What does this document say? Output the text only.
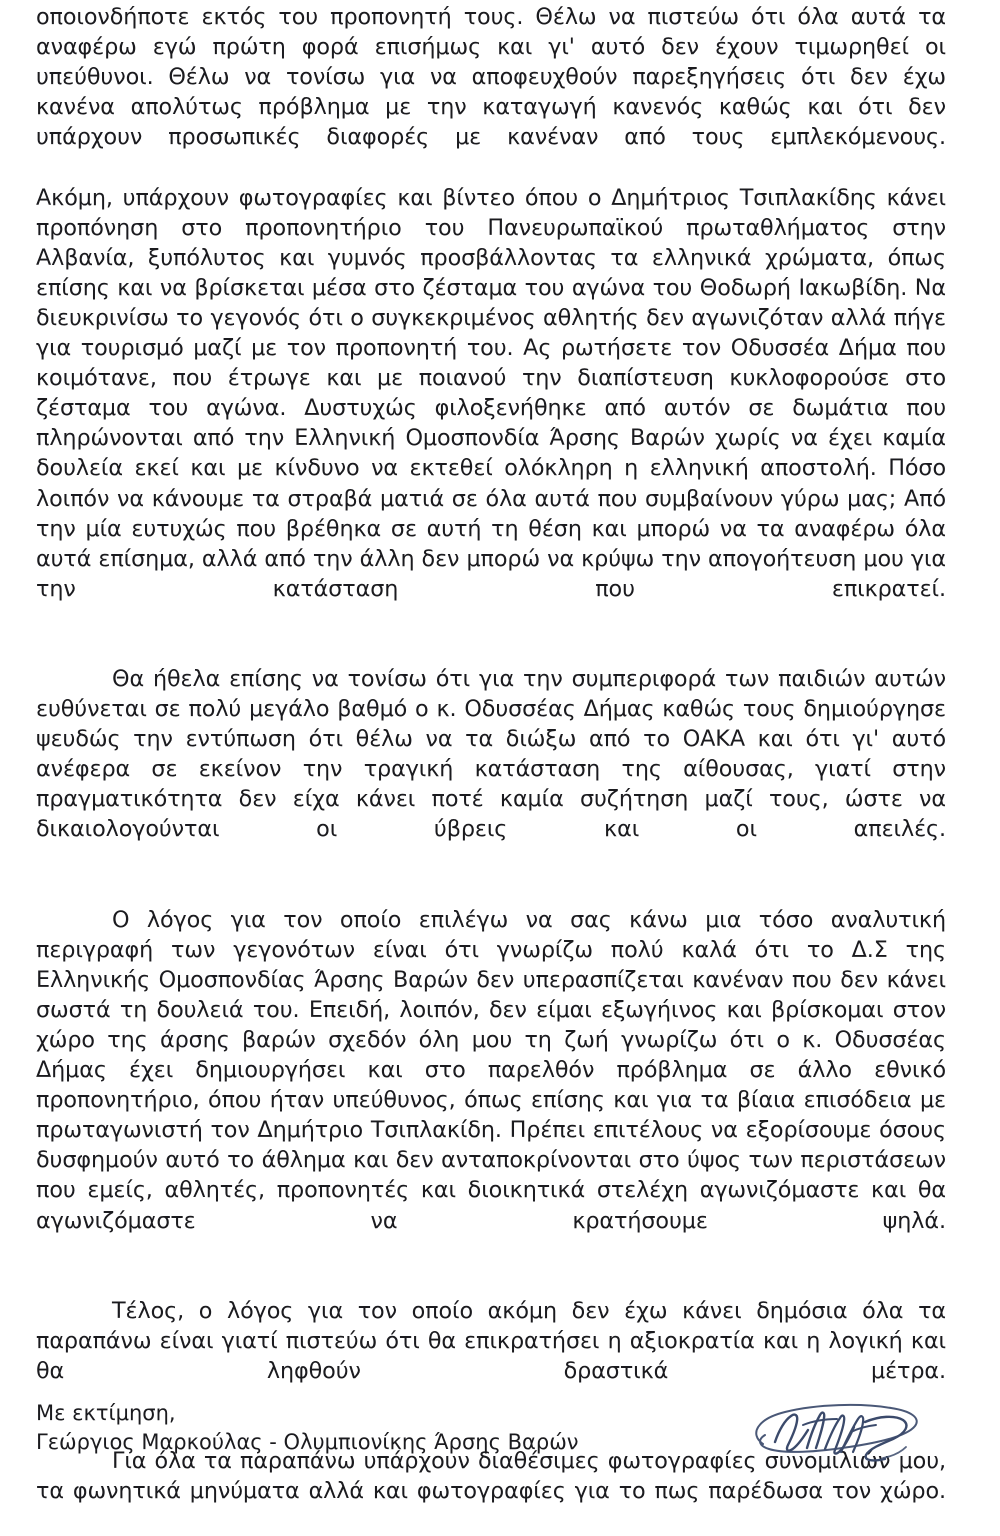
οποιονδήποτε εκτός του προπονητή τους. Θέλω να πιστεύω ότι όλα αυτά τα αναφέρω εγώ πρώτη φορά επισήμως και γι' αυτό δεν έχουν τιμωρηθεί οι υπεύθυνοι. Θέλω να τονίσω για να αποφευχθούν παρεξηγήσεις ότι δεν έχω κανένα απολύτως πρόβλημα με την καταγωγή κανενός καθώς και ότι δεν υπάρχουν προσωπικές διαφορές με κανέναν από τους εμπλεκόμενους.

Ακόμη, υπάρχουν φωτογραφίες και βίντεο όπου ο Δημήτριος Τσιπλακίδης κάνει προπόνηση στο προπονητήριο του Πανευρωπαϊκού πρωταθλήματος στην Αλβανία, ξυπόλυτος και γυμνός προσβάλλοντας τα ελληνικά χρώματα, όπως επίσης και να βρίσκεται μέσα στο ζέσταμα του αγώνα του Θοδωρή Ιακωβίδη. Να διευκρινίσω το γεγονός ότι ο συγκεκριμένος αθλητής δεν αγωνιζόταν αλλά πήγε για τουρισμό μαζί με τον προπονητή του. Ας ρωτήσετε τον Οδυσσέα Δήμα που κοιμότανε, που έτρωγε και με ποιανού την διαπίστευση κυκλοφορούσε στο ζέσταμα του αγώνα. Δυστυχώς φιλοξενήθηκε από αυτόν σε δωμάτια που πληρώνονται από την Ελληνική Ομοσπονδία Άρσης Βαρών χωρίς να έχει καμία δουλεία εκεί και με κίνδυνο να εκτεθεί ολόκληρη η ελληνική αποστολή. Πόσο λοιπόν να κάνουμε τα στραβά ματιά σε όλα αυτά που συμβαίνουν γύρω μας; Από την μία ευτυχώς που βρέθηκα σε αυτή τη θέση και μπορώ να τα αναφέρω όλα αυτά επίσημα, αλλά από την άλλη δεν μπορώ να κρύψω την απογοήτευση μου για την κατάσταση που επικρατεί.

Θα ήθελα επίσης να τονίσω ότι για την συμπεριφορά των παιδιών αυτών ευθύνεται σε πολύ μεγάλο βαθμό ο κ. Οδυσσέας Δήμας καθώς τους δημιούργησε ψευδώς την εντύπωση ότι θέλω να τα διώξω από το ΟΑΚΑ και ότι γι' αυτό ανέφερα σε εκείνον την τραγική κατάσταση της αίθουσας, γιατί στην πραγματικότητα δεν είχα κάνει ποτέ καμία συζήτηση μαζί τους, ώστε να δικαιολογούνται οι ύβρεις και οι απειλές.

Ο λόγος για τον οποίο επιλέγω να σας κάνω μια τόσο αναλυτική περιγραφή των γεγονότων είναι ότι γνωρίζω πολύ καλά ότι το Δ.Σ της Ελληνικής Ομοσπονδίας Άρσης Βαρών δεν υπερασπίζεται κανέναν που δεν κάνει σωστά τη δουλειά του. Επειδή, λοιπόν, δεν είμαι εξωγήινος και βρίσκομαι στον χώρο της άρσης βαρών σχεδόν όλη μου τη ζωή γνωρίζω ότι ο κ. Οδυσσέας Δήμας έχει δημιουργήσει και στο παρελθόν πρόβλημα σε άλλο εθνικό προπονητήριο, όπου ήταν υπεύθυνος, όπως επίσης και για τα βίαια επισόδεια με πρωταγωνιστή τον Δημήτριο Τσιπλακίδη. Πρέπει επιτέλους να εξορίσουμε όσους δυσφημούν αυτό το άθλημα και δεν ανταποκρίνονται στο ύψος των περιστάσεων που εμείς, αθλητές, προπονητές και διοικητικά στελέχη αγωνιζόμαστε και θα αγωνιζόμαστε να κρατήσουμε ψηλά.

Τέλος, ο λόγος για τον οποίο ακόμη δεν έχω κάνει δημόσια όλα τα παραπάνω είναι γιατί πιστεύω ότι θα επικρατήσει η αξιοκρατία και η λογική και θα ληφθούν δραστικά μέτρα.

Για όλα τα παραπάνω υπάρχουν διαθέσιμες φωτογραφίες συνομιλιών μου, τα φωνητικά μηνύματα αλλά και φωτογραφίες για το πως παρέδωσα τον χώρο.

Με εκτίμηση,

Γεώργιος Μαρκούλας - Ολυμπιονίκης Άρσης Βαρών
